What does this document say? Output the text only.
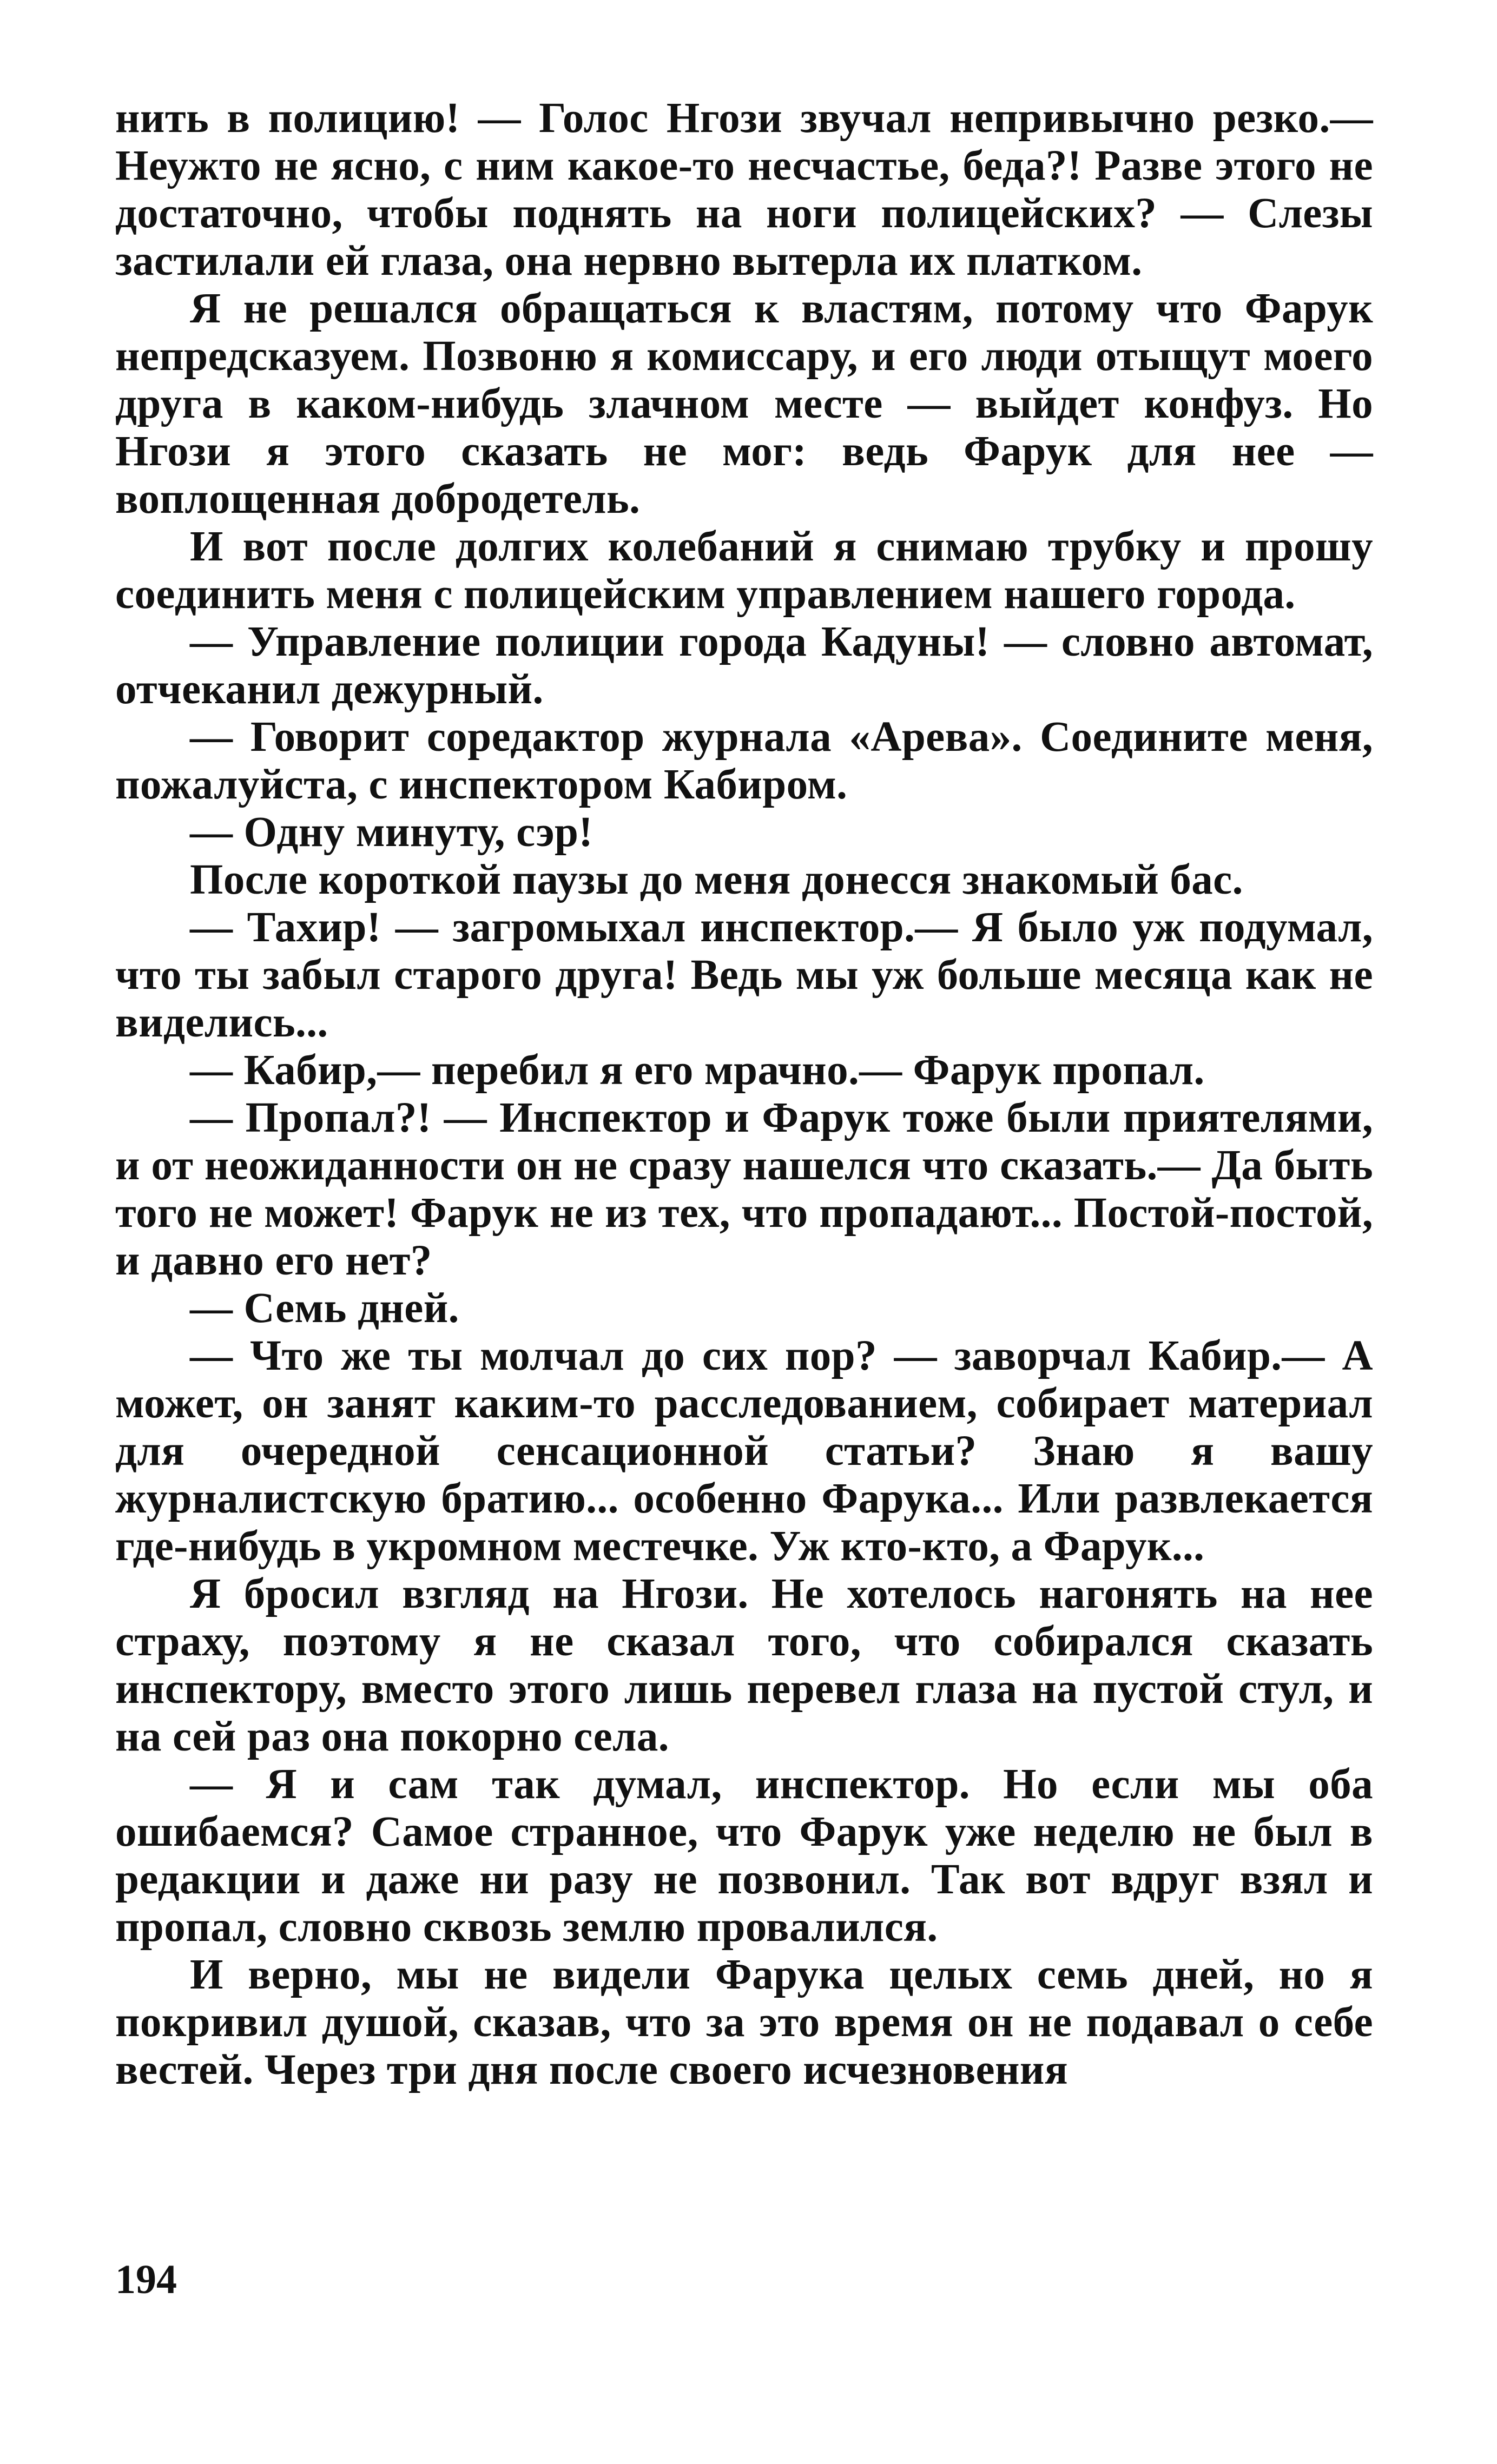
нить в полицию! — Голос Нгози звучал непривычно резко.— Неужто не ясно, с ним какое-то несчастье, беда?! Разве этого не достаточно, чтобы поднять на ноги полицейских? — Слезы застилали ей глаза, она нервно вытерла их платком.

Я не решался обращаться к властям, потому что Фарук непредсказуем. Позвоню я комиссару, и его люди отыщут моего друга в каком-нибудь злачном месте — выйдет конфуз. Но Нгози я этого сказать не мог: ведь Фарук для нее — воплощенная добродетель.

И вот после долгих колебаний я снимаю трубку и прошу соединить меня с полицейским управлением нашего города.

— Управление полиции города Кадуны! — словно автомат, отчеканил дежурный.

— Говорит соредактор журнала «Арева». Соедините меня, пожалуйста, с инспектором Кабиром.

— Одну минуту, сэр!

После короткой паузы до меня донесся знакомый бас.

— Тахир! — загромыхал инспектор.— Я было уж подумал, что ты забыл старого друга! Ведь мы уж больше месяца как не виделись...

— Кабир,— перебил я его мрачно.— Фарук пропал.

— Пропал?! — Инспектор и Фарук тоже были приятелями, и от неожиданности он не сразу нашелся что сказать.— Да быть того не может! Фарук не из тех, что пропадают... Постой-постой, и давно его нет?

— Семь дней.

— Что же ты молчал до сих пор? — заворчал Кабир.— А может, он занят каким-то расследованием, собирает материал для очередной сенсационной статьи? Знаю я вашу журналистскую братию... особенно Фарука... Или развлекается где-нибудь в укромном местечке. Уж кто-кто, а Фарук...

Я бросил взгляд на Нгози. Не хотелось нагонять на нее страху, поэтому я не сказал того, что собирался сказать инспектору, вместо этого лишь перевел глаза на пустой стул, и на сей раз она покорно села.

— Я и сам так думал, инспектор. Но если мы оба ошибаемся? Самое странное, что Фарук уже неделю не был в редакции и даже ни разу не позвонил. Так вот вдруг взял и пропал, словно сквозь землю провалился.

И верно, мы не видели Фарука целых семь дней, но я покривил душой, сказав, что за это время он не подавал о себе вестей. Через три дня после своего исчезновения

194
